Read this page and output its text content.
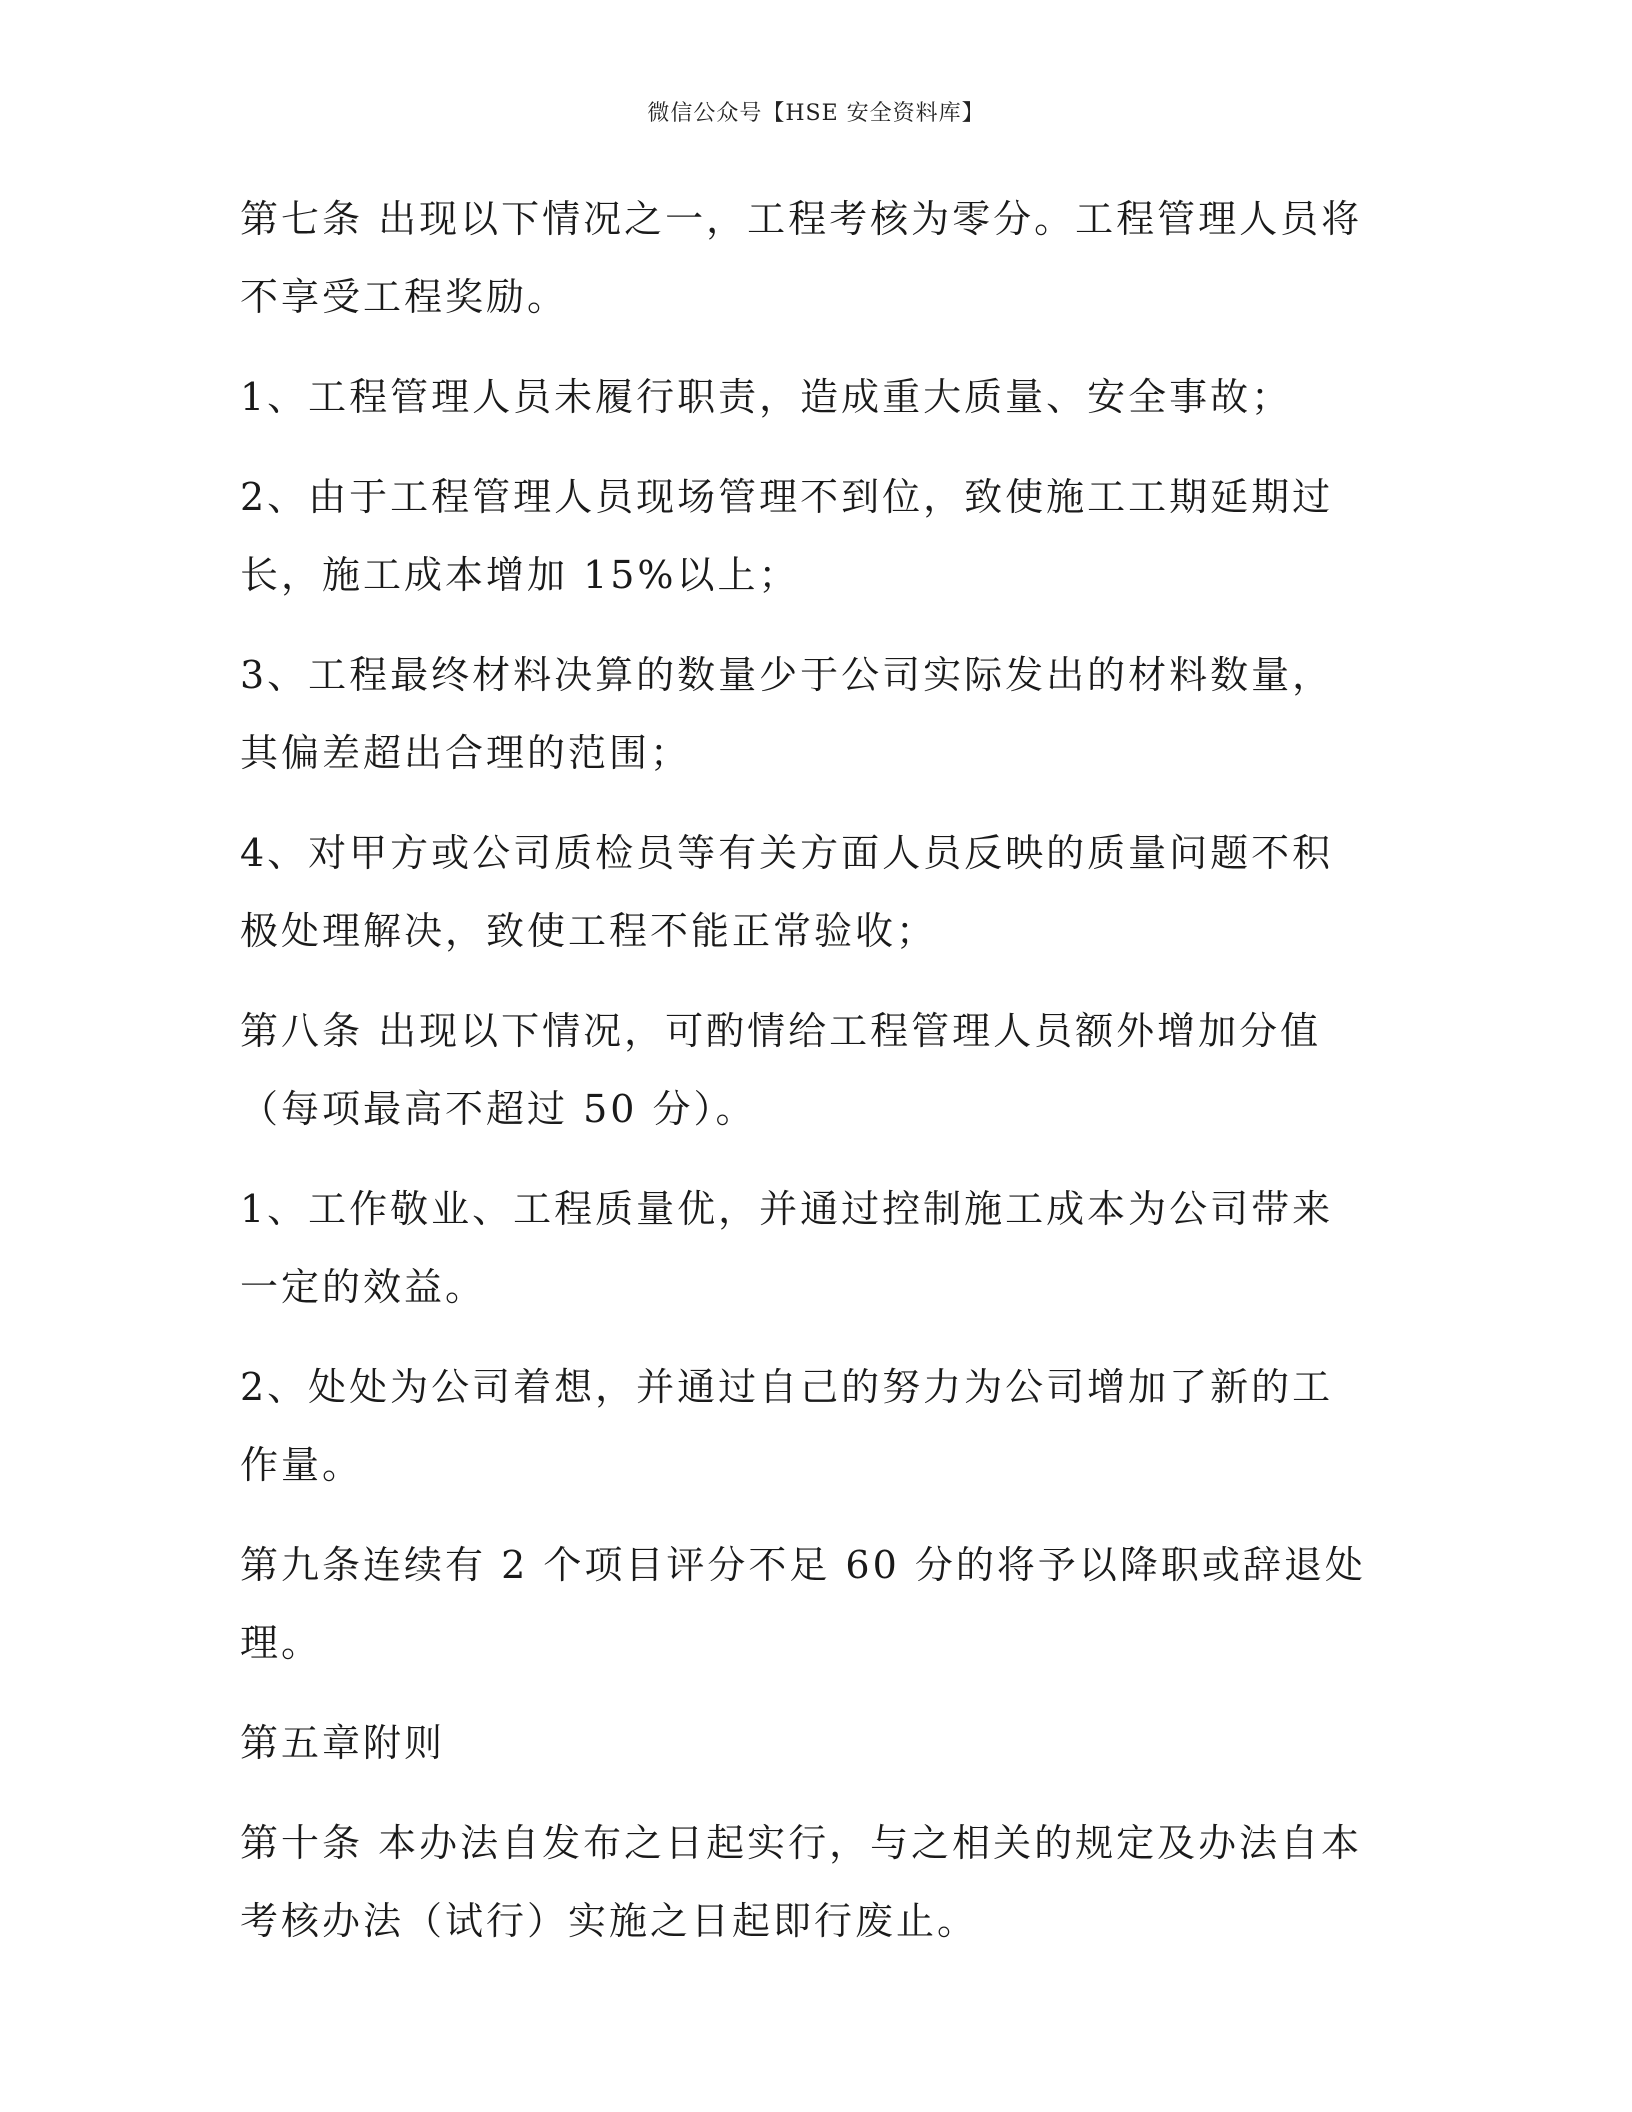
微信公众号【HSE 安全资料库】

第七条 出现以下情况之一，工程考核为零分。工程管理人员将不享受工程奖励。

1、工程管理人员未履行职责，造成重大质量、安全事故；

2、由于工程管理人员现场管理不到位，致使施工工期延期过长，施工成本增加 15%以上；

3、工程最终材料决算的数量少于公司实际发出的材料数量，其偏差超出合理的范围；

4、对甲方或公司质检员等有关方面人员反映的质量问题不积极处理解决，致使工程不能正常验收；

第八条 出现以下情况，可酌情给工程管理人员额外增加分值（每项最高不超过 50 分）。

1、工作敬业、工程质量优，并通过控制施工成本为公司带来一定的效益。

2、处处为公司着想，并通过自己的努力为公司增加了新的工作量。

第九条连续有 2 个项目评分不足 60 分的将予以降职或辞退处理。

第五章附则

第十条 本办法自发布之日起实行，与之相关的规定及办法自本考核办法（试行）实施之日起即行废止。
